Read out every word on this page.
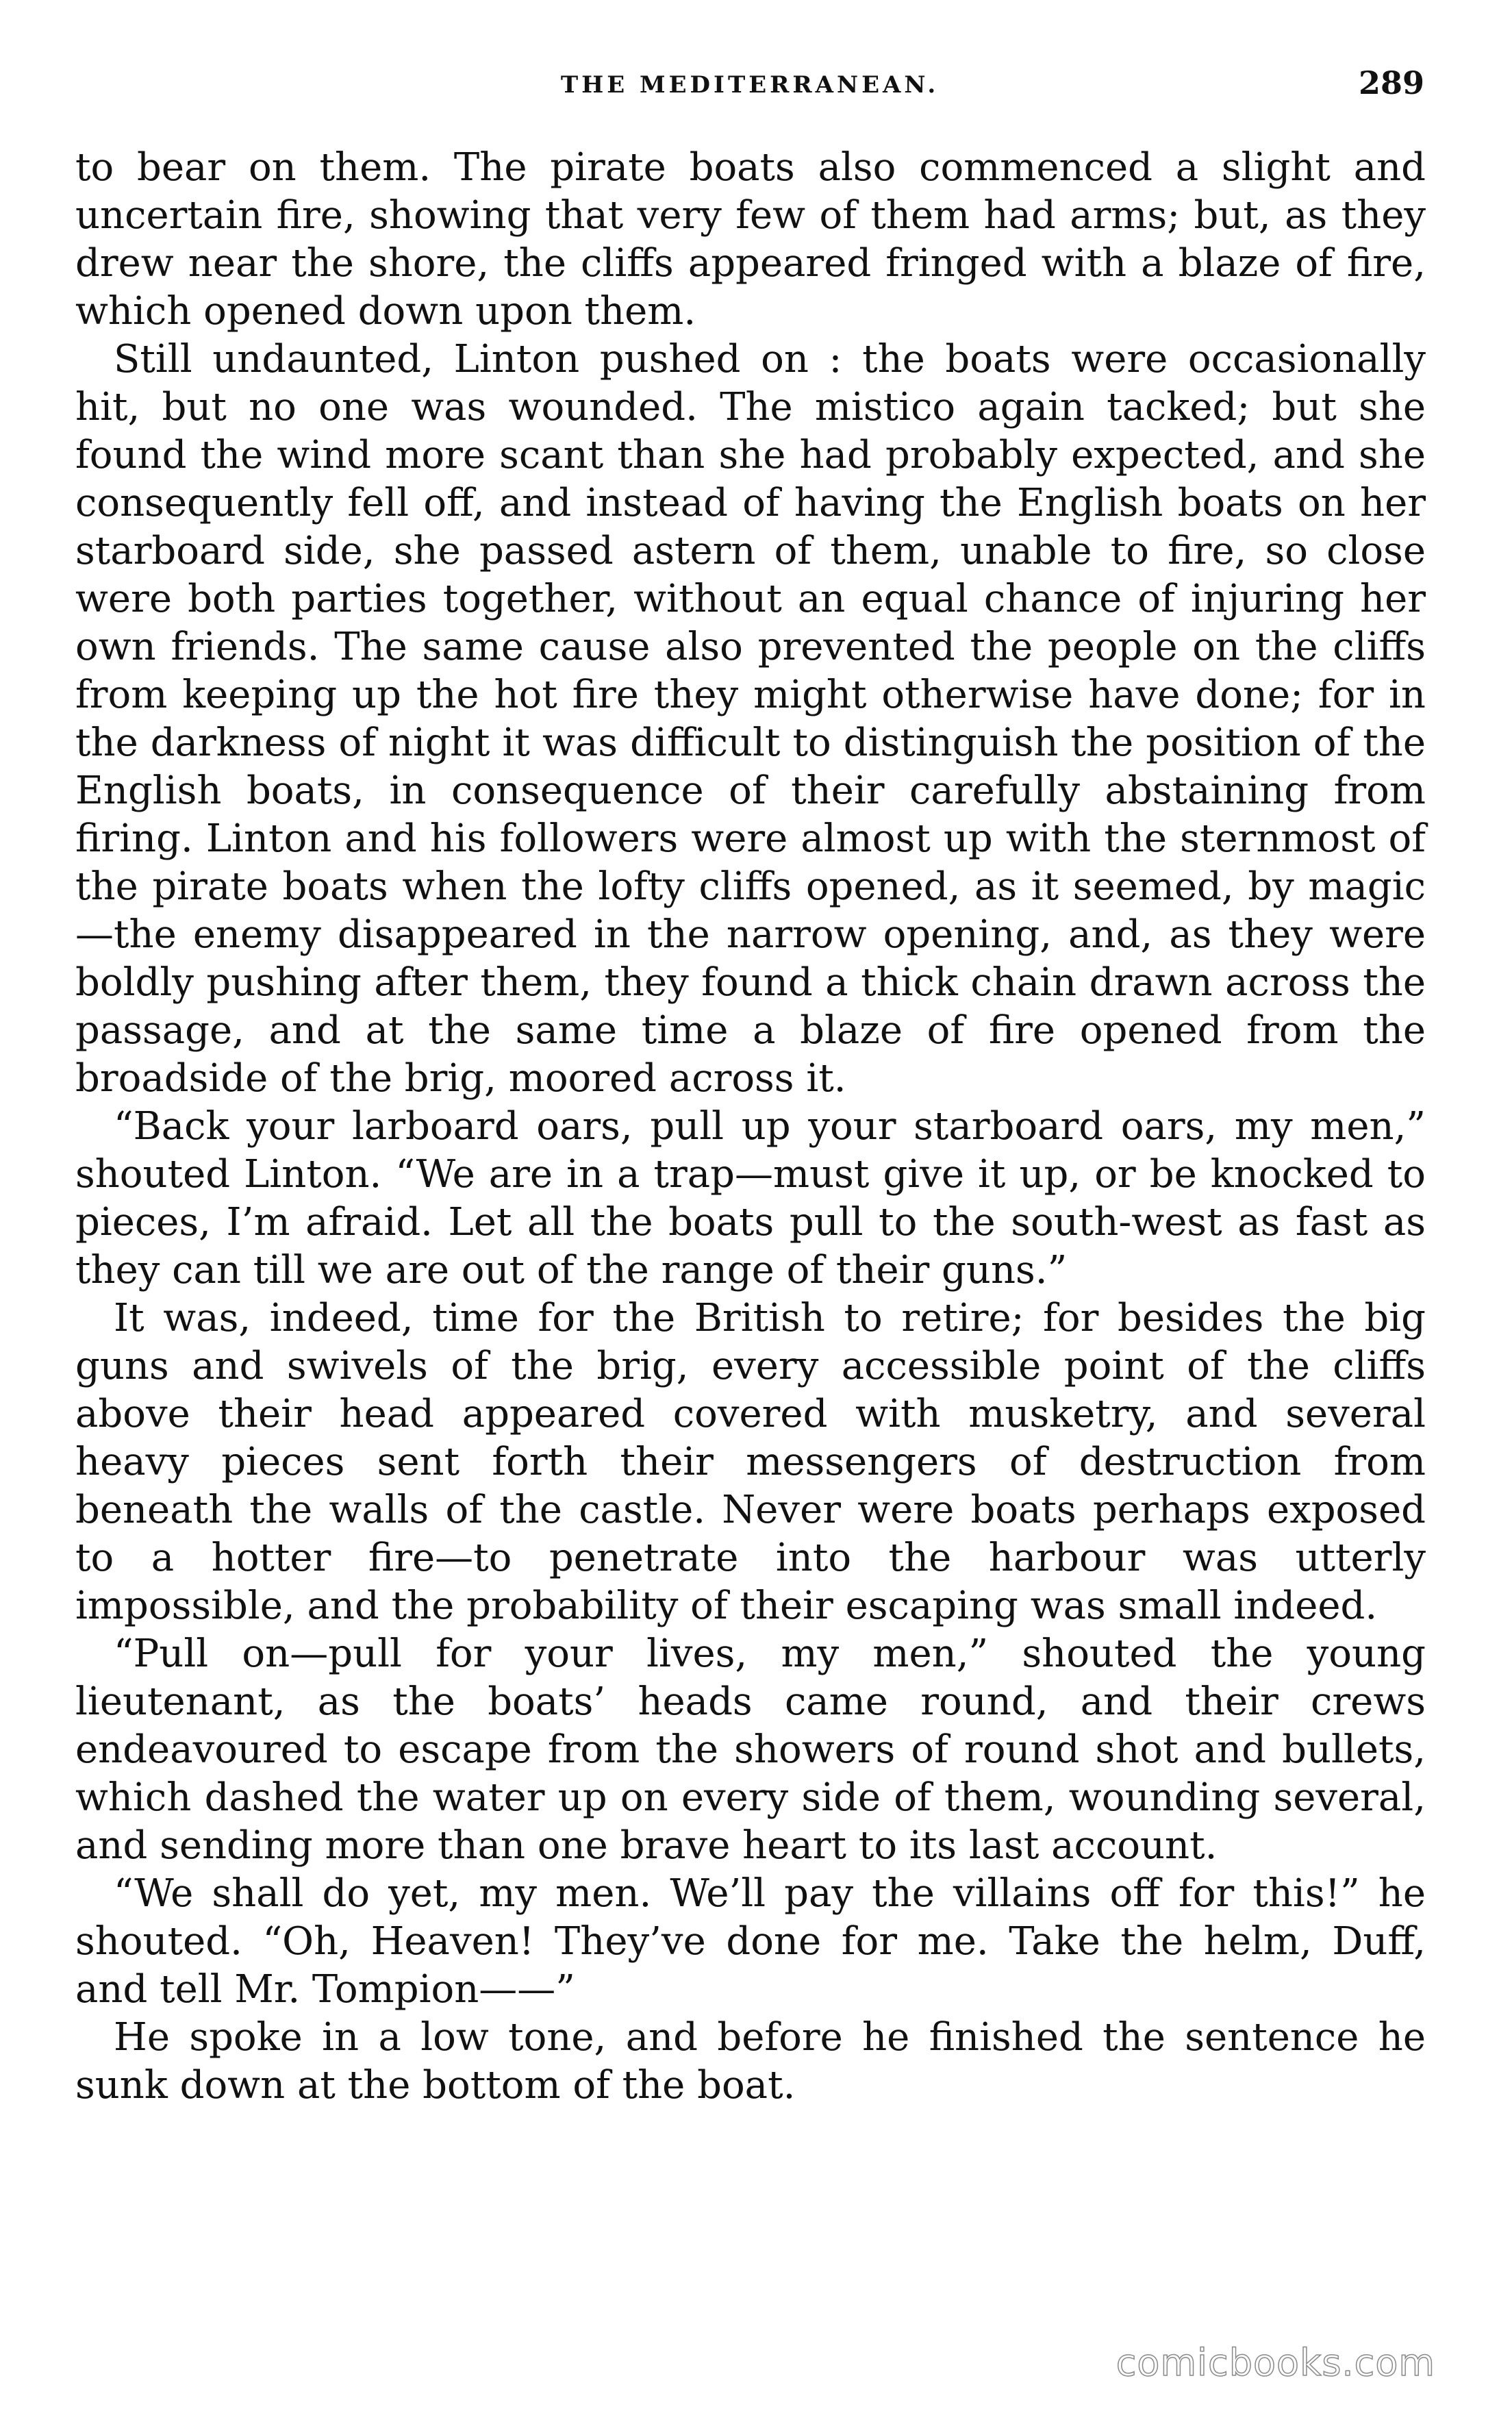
THE MEDITERRANEAN.	289

to bear on them. The pirate boats also commenced a slight and uncertain fire, showing that very few of them had arms; but, as they drew near the shore, the cliffs appeared fringed with a blaze of fire, which opened down upon them.

Still undaunted, Linton pushed on : the boats were occasionally hit, but no one was wounded. The mistico again tacked; but she found the wind more scant than she had probably expected, and she consequently fell off, and instead of having the English boats on her starboard side, she passed astern of them, unable to fire, so close were both parties together, without an equal chance of injuring her own friends. The same cause also prevented the people on the cliffs from keeping up the hot fire they might otherwise have done; for in the darkness of night it was difficult to distinguish the position of the English boats, in consequence of their carefully abstaining from firing. Linton and his followers were almost up with the sternmost of the pirate boats when the lofty cliffs opened, as it seemed, by magic —the enemy disappeared in the narrow opening, and, as they were boldly pushing after them, they found a thick chain drawn across the passage, and at the same time a blaze of fire opened from the broadside of the brig, moored across it.

“Back your larboard oars, pull up your starboard oars, my men,” shouted Linton. “We are in a trap—must give it up, or be knocked to pieces, I’m afraid. Let all the boats pull to the south-west as fast as they can till we are out of the range of their guns.”

It was, indeed, time for the British to retire; for besides the big guns and swivels of the brig, every accessible point of the cliffs above their head appeared covered with musketry, and several heavy pieces sent forth their messengers of destruction from beneath the walls of the castle. Never were boats perhaps exposed to a hotter fire—to penetrate into the harbour was utterly impossible, and the probability of their escaping was small indeed.

“Pull on—pull for your lives, my men,” shouted the young lieutenant, as the boats’ heads came round, and their crews endeavoured to escape from the showers of round shot and bullets, which dashed the water up on every side of them, wounding several, and sending more than one brave heart to its last account.

“We shall do yet, my men. We’ll pay the villains off for this!” he shouted. “Oh, Heaven! They’ve done for me. Take the helm, Duff, and tell Mr. Tompion——”

He spoke in a low tone, and before he finished the sentence he sunk down at the bottom of the boat.

comicbooks.com
